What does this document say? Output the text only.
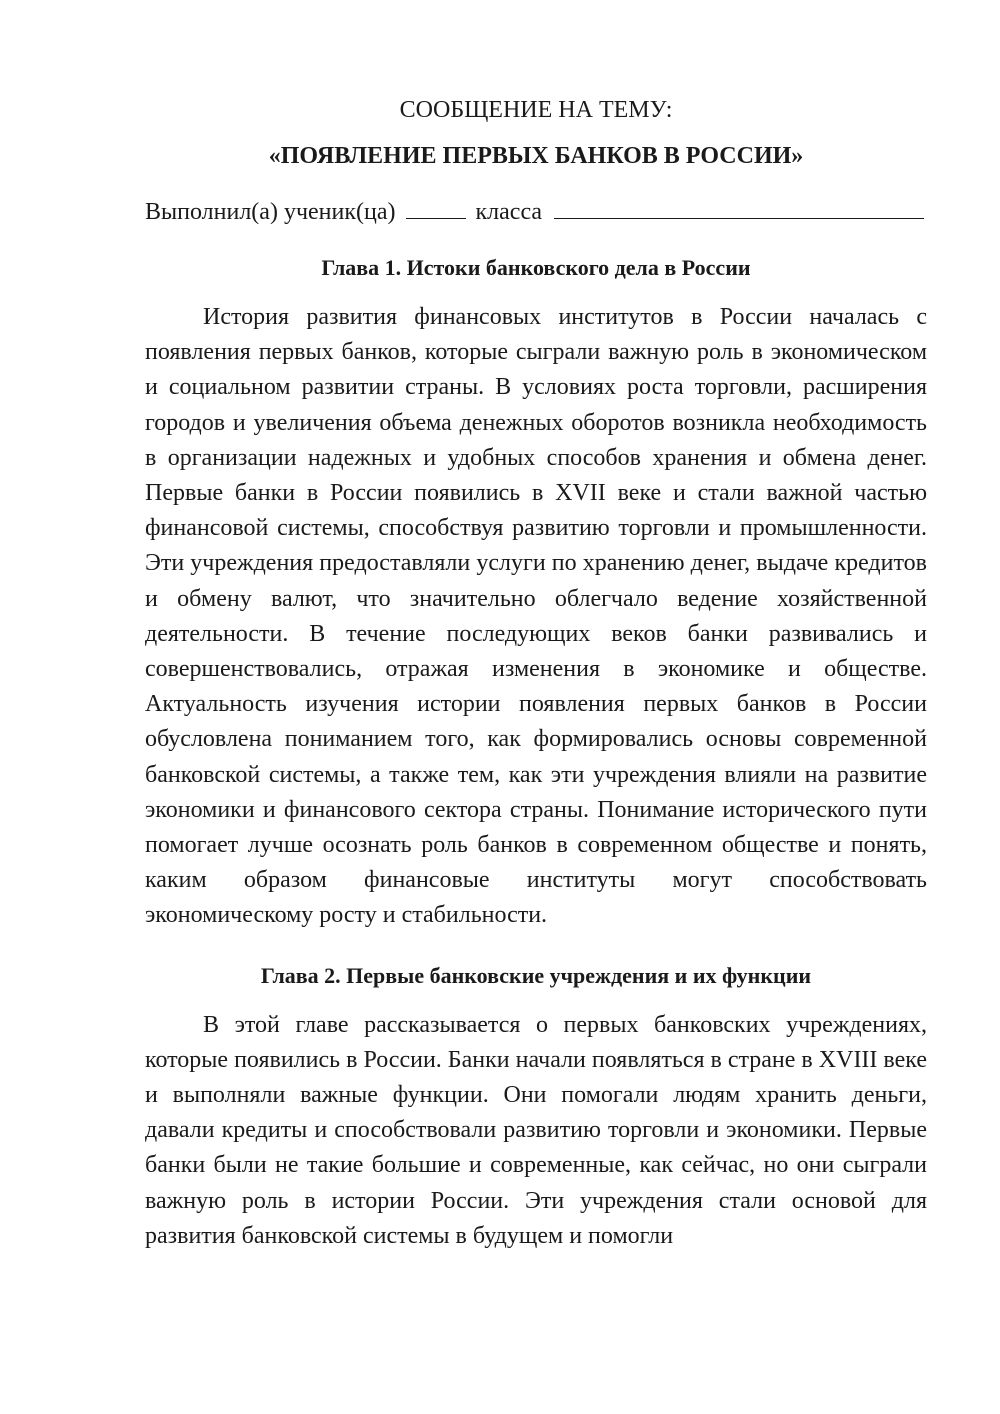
СООБЩЕНИЕ НА ТЕМУ:
«ПОЯВЛЕНИЕ ПЕРВЫХ БАНКОВ В РОССИИ»
Выполнил(а) ученик(ца)	класса
Глава 1. Истоки банковского дела в России

История развития финансовых институтов в России началась с появления первых банков, которые сыграли важную роль в экономическом и социальном развитии страны. В условиях роста торговли, расширения городов и увеличения объема денежных оборотов возникла необходимость в организации надежных и удобных способов хранения и обмена денег. Первые банки в России появились в XVII веке и стали важной частью финансовой системы, способствуя развитию торговли и промышленности. Эти учреждения предоставляли услуги по хранению денег, выдаче кредитов и обмену валют, что значительно облегчало ведение хозяйственной деятельности. В течение последующих веков банки развивались и совершенствовались, отражая изменения в экономике и обществе. Актуальность изучения истории появления первых банков в России обусловлена пониманием того, как формировались основы современной банковской системы, а также тем, как эти учреждения влияли на развитие экономики и финансового сектора страны. Понимание исторического пути помогает лучше осознать роль банков в современном обществе и понять, каким образом финансовые институты могут способствовать экономическому росту и стабильности.

Глава 2. Первые банковские учреждения и их функции

В этой главе рассказывается о первых банковских учреждениях, которые появились в России. Банки начали появляться в стране в XVIII веке и выполняли важные функции. Они помогали людям хранить деньги, давали кредиты и способствовали развитию торговли и экономики. Первые банки были не такие большие и современные, как сейчас, но они сыграли важную роль в истории России. Эти учреждения стали основой для развития банковской системы в будущем и помогли
